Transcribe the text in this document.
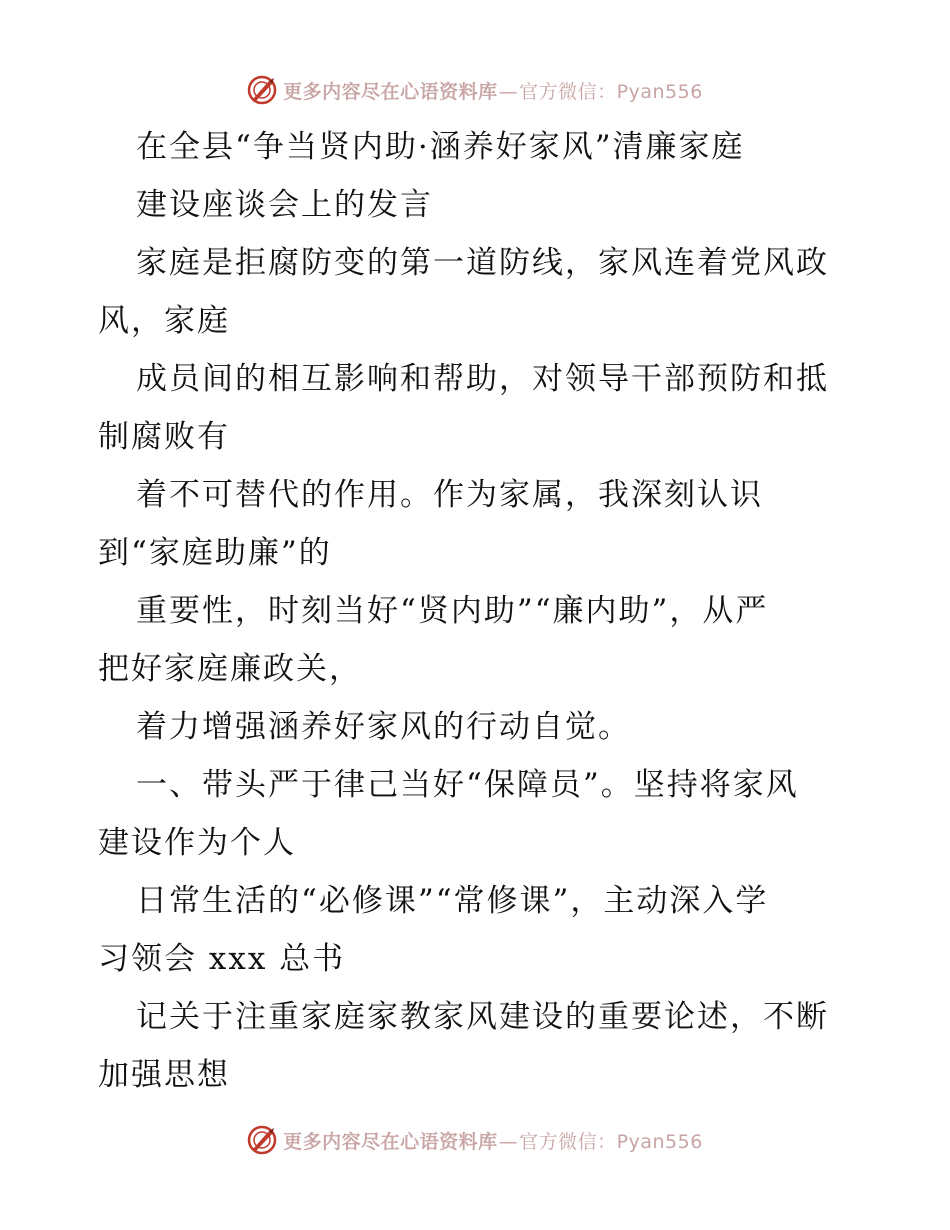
更多内容尽在心语资料库—官方微信：Pyan556
在全县“争当贤内助·涵养好家风”清廉家庭
建设座谈会上的发言
家庭是拒腐防变的第一道防线，家风连着党风政
风，家庭
成员间的相互影响和帮助，对领导干部预防和抵
制腐败有
着不可替代的作用。作为家属，我深刻认识
到“家庭助廉”的
重要性，时刻当好“贤内助”“廉内助”，从严
把好家庭廉政关，
着力增强涵养好家风的行动自觉。
一、带头严于律己当好“保障员”。坚持将家风
建设作为个人
日常生活的“必修课”“常修课”，主动深入学
习领会 xxx 总书
记关于注重家庭家教家风建设的重要论述，不断
加强思想
更多内容尽在心语资料库—官方微信：Pyan556
